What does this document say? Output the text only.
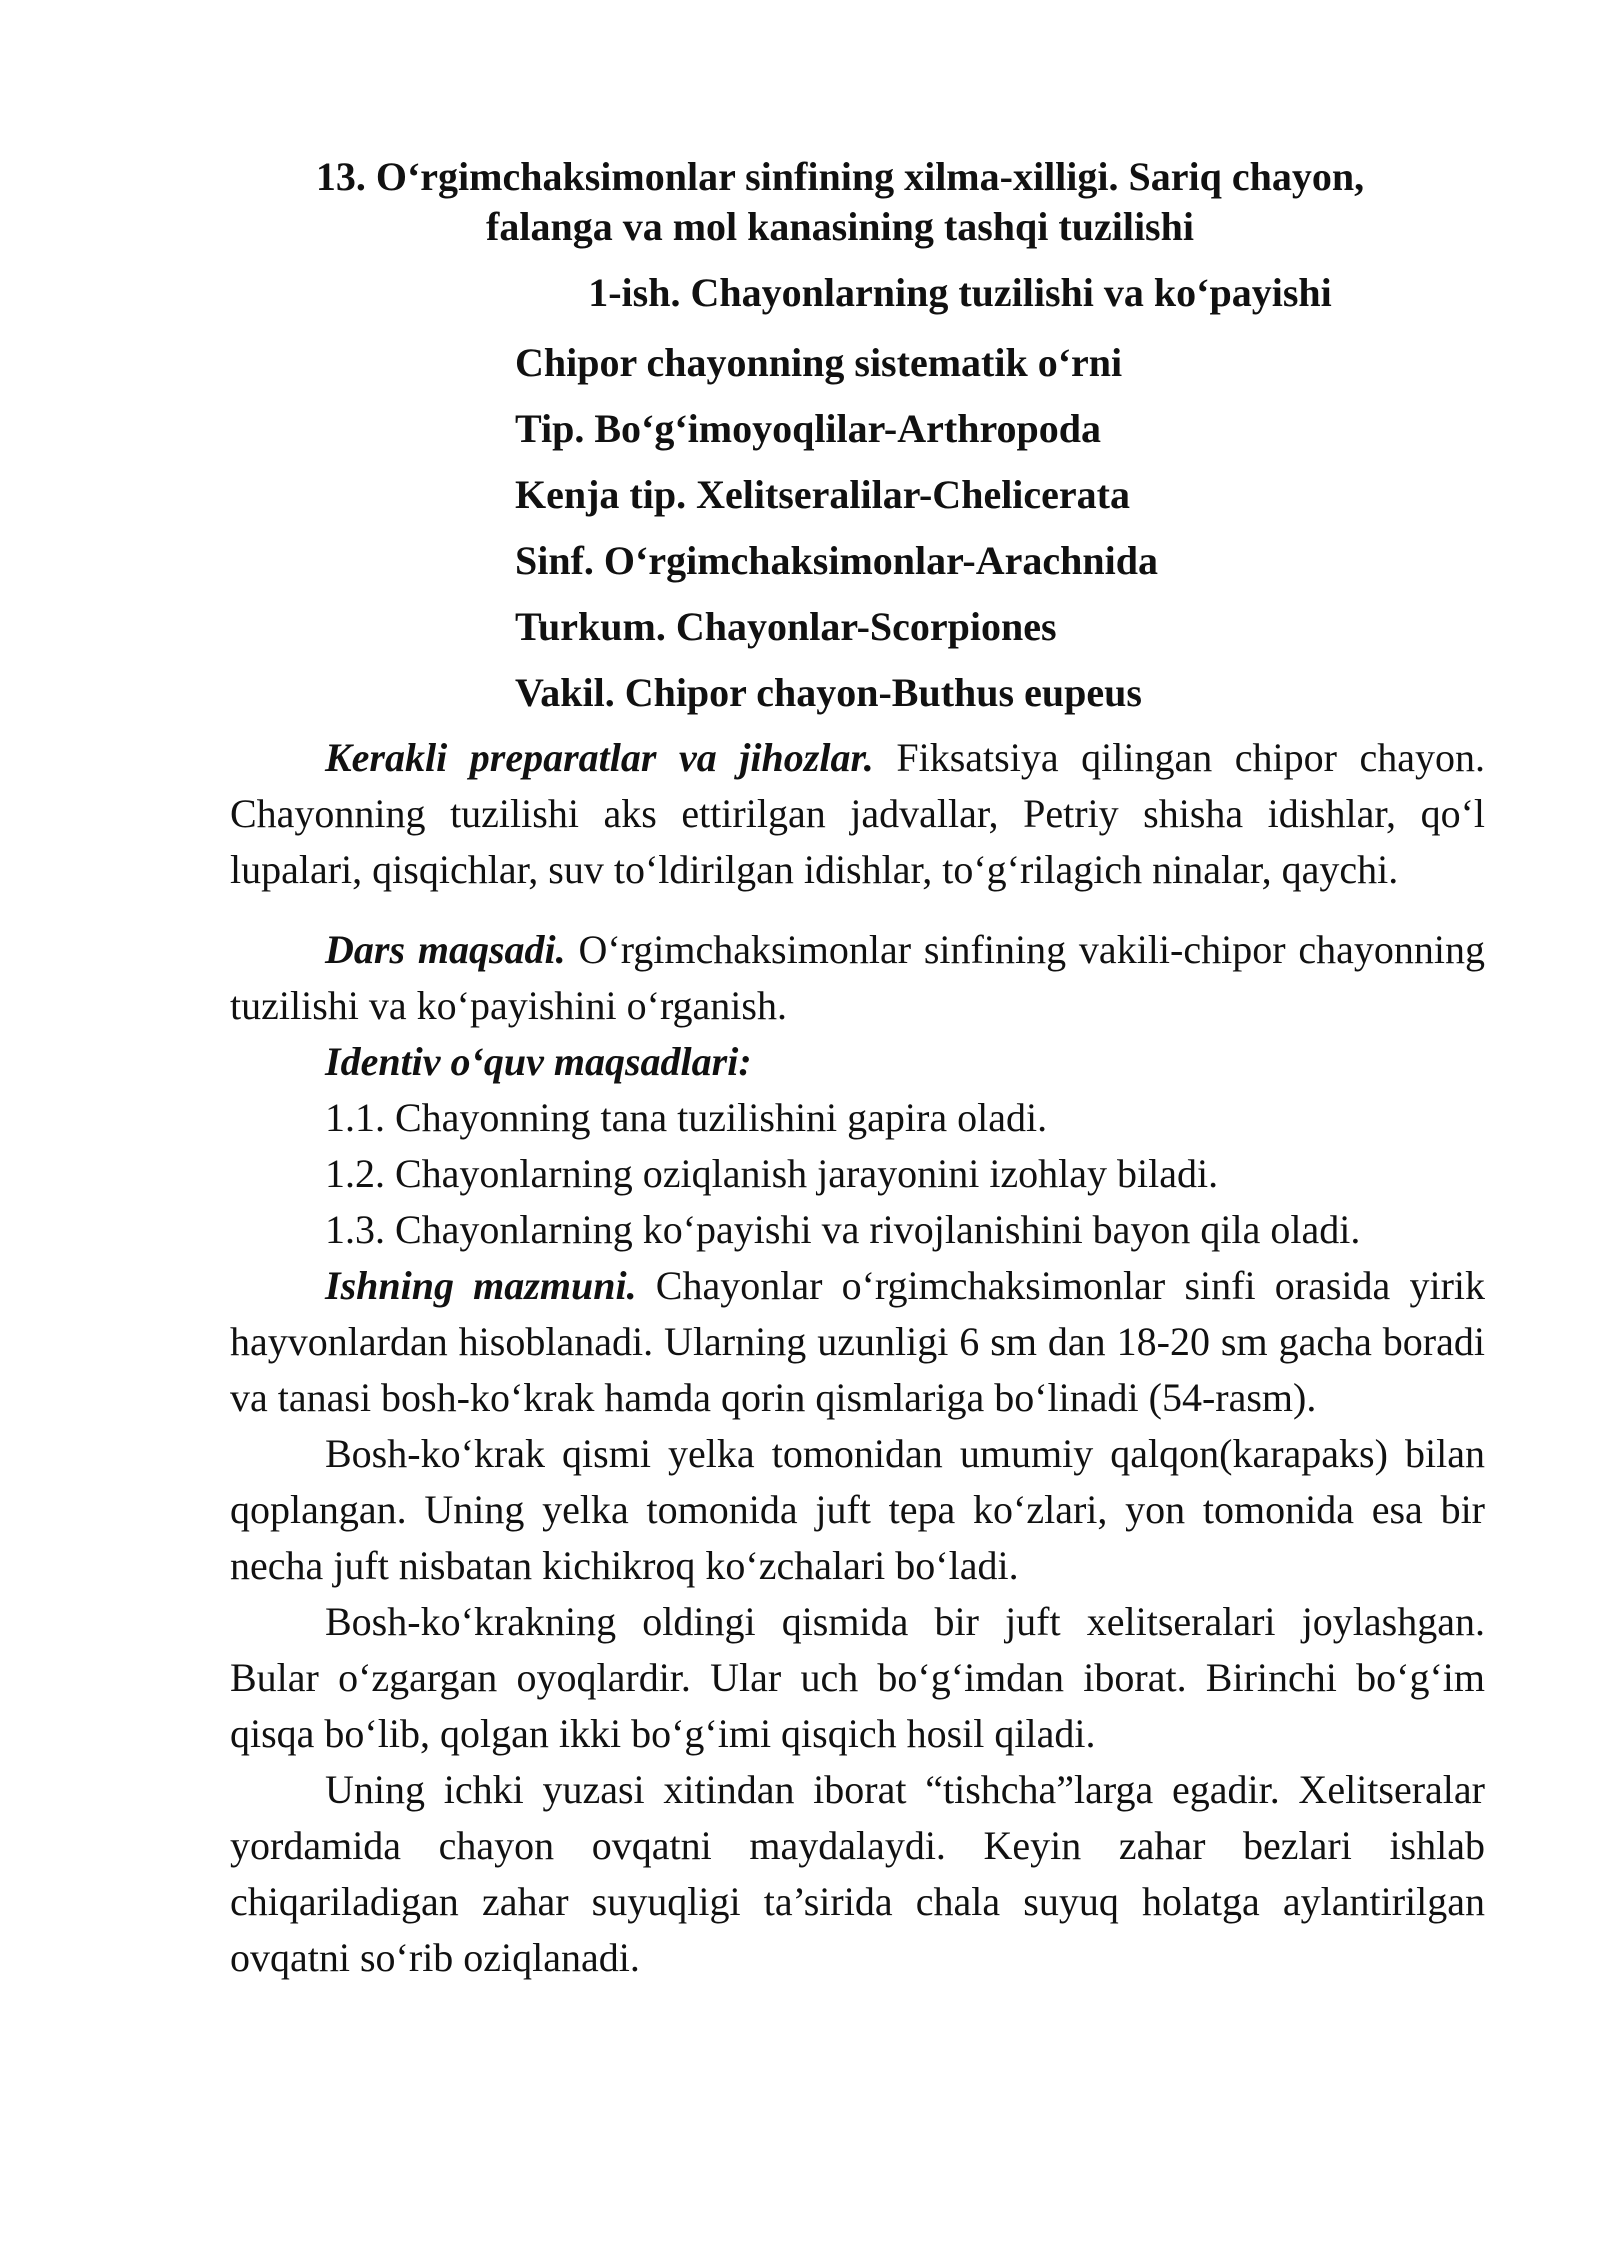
13. O‘rgimchaksimonlar sinfining xilma-xilligi. Sariq chayon,
falanga va mol kanasining tashqi tuzilishi
1-ish. Chayonlarning tuzilishi va ko‘payishi
Chipor chayonning sistematik o‘rni
Tip. Bo‘g‘imoyoqlilar-Arthropoda
Kenja tip. Xelitseralilar-Chelicerata
Sinf. O‘rgimchaksimonlar-Arachnida
Turkum. Chayonlar-Scorpiones
Vakil. Chipor chayon-Buthus eupeus

Kerakli preparatlar va jihozlar. Fiksatsiya qilingan chipor chayon. Chayonning tuzilishi aks ettirilgan jadvallar, Petriy shisha idishlar, qo‘l lupalari, qisqichlar, suv to‘ldirilgan idishlar, to‘g‘rilagich ninalar, qaychi.

Dars maqsadi. O‘rgimchaksimonlar sinfining vakili-chipor chayonning tuzilishi va ko‘payishini o‘rganish.

Identiv o‘quv maqsadlari:

1.1. Chayonning tana tuzilishini gapira oladi.

1.2. Chayonlarning oziqlanish jarayonini izohlay biladi.

1.3. Chayonlarning ko‘payishi va rivojlanishini bayon qila oladi.

Ishning mazmuni. Chayonlar o‘rgimchaksimonlar sinfi orasida yirik hayvonlardan hisoblanadi. Ularning uzunligi 6 sm dan 18-20 sm gacha boradi va tanasi bosh-ko‘krak hamda qorin qismlariga bo‘linadi (54-rasm).

Bosh-ko‘krak qismi yelka tomonidan umumiy qalqon(karapaks) bilan qoplangan. Uning yelka tomonida juft tepa ko‘zlari, yon tomonida esa bir necha juft nisbatan kichikroq ko‘zchalari bo‘ladi.

Bosh-ko‘krakning oldingi qismida bir juft xelitseralari joylashgan. Bular o‘zgargan oyoqlardir. Ular uch bo‘g‘imdan iborat. Birinchi bo‘g‘im qisqa bo‘lib, qolgan ikki bo‘g‘imi qisqich hosil qiladi.

Uning ichki yuzasi xitindan iborat “tishcha”larga egadir. Xelitseralar yordamida chayon ovqatni maydalaydi. Keyin zahar bezlari ishlab chiqariladigan zahar suyuqligi ta’sirida chala suyuq holatga aylantirilgan ovqatni so‘rib oziqlanadi.
